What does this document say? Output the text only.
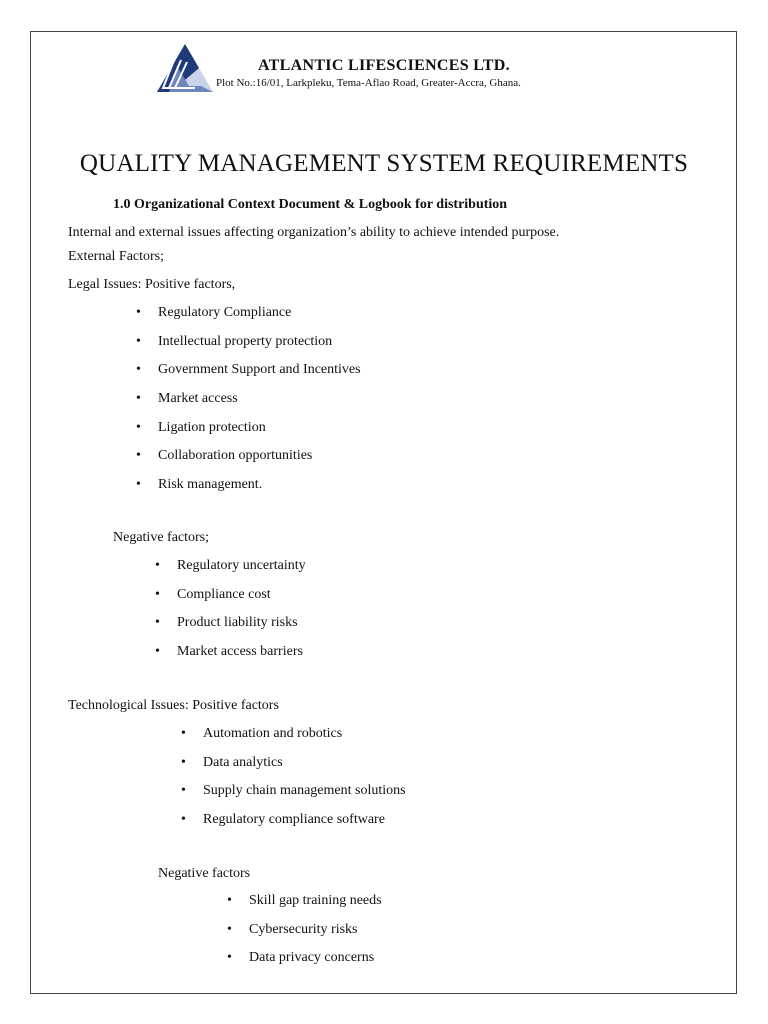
ATLANTIC LIFESCIENCES LTD.
Plot No.:16/01, Larkpleku, Tema-Aflao Road, Greater-Accra, Ghana.
QUALITY MANAGEMENT SYSTEM REQUIREMENTS
1.0 Organizational Context Document & Logbook for distribution
Internal and external issues affecting organization’s ability to achieve intended purpose.
External Factors;
Legal Issues: Positive factors,
• Regulatory Compliance
• Intellectual property protection
• Government Support and Incentives
• Market access
• Ligation protection
• Collaboration opportunities
• Risk management.
Negative factors;
• Regulatory uncertainty
• Compliance cost
• Product liability risks
• Market access barriers
Technological Issues: Positive factors
• Automation and robotics
• Data analytics
• Supply chain management solutions
• Regulatory compliance software
Negative factors
• Skill gap training needs
• Cybersecurity risks
• Data privacy concerns
